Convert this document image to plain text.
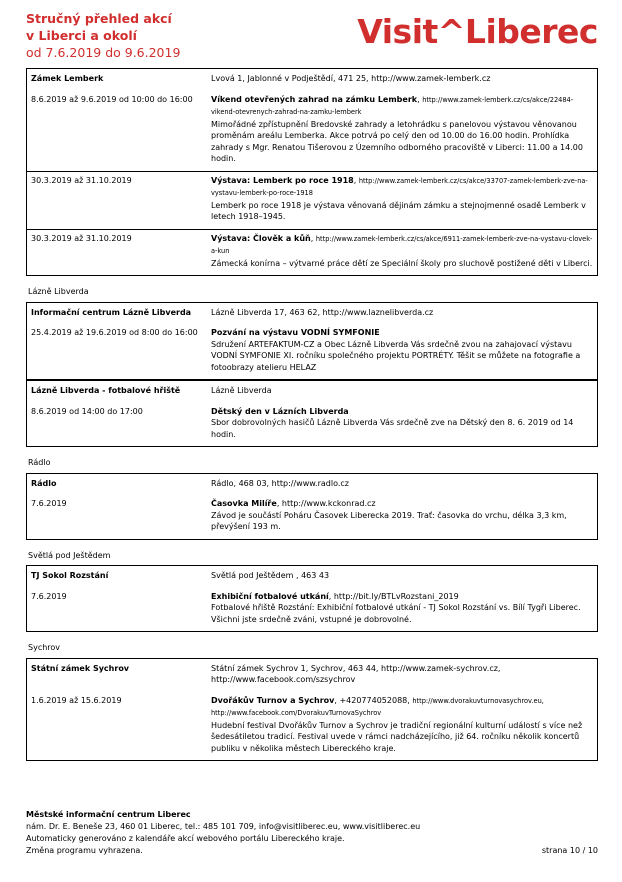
Stručný přehled akcí
v Liberci a okolí
od 7.6.2019 do 9.6.2019
Visit^Liberec
Zámek Lemberk	Lvová 1, Jablonné v Podještědí, 471 25, http://www.zamek-lemberk.cz
8.6.2019 až 9.6.2019 od 10:00 do 16:00	Víkend otevřených zahrad na zámku Lemberk, http://www.zamek-lemberk.cz/cs/akce/22484-vikend-otevrenych-zahrad-na-zamku-lemberk
Mimořádné zpřístupnění Bredovské zahrady a letohrádku s panelovou výstavou věnovanou proměnám areálu Lemberka. Akce potrvá po celý den od 10.00 do 16.00 hodin. Prohlídka zahrady s Mgr. Renatou Tišerovou z Územního odborného pracoviště v Liberci: 11.00 a 14.00 hodin.

30.3.2019 až 31.10.2019	Výstava: Lemberk po roce 1918, http://www.zamek-lemberk.cz/cs/akce/33707-zamek-lemberk-zve-na-vystavu-lemberk-po-roce-1918
Lemberk po roce 1918 je výstava věnovaná dějinám zámku a stejnojmenné osadě Lemberk v letech 1918–1945.

30.3.2019 až 31.10.2019	Výstava: Člověk a kůň, http://www.zamek-lemberk.cz/cs/akce/6911-zamek-lemberk-zve-na-vystavu-clovek-a-kun
Zámecká konírna – výtvarné práce dětí ze Speciální školy pro sluchově postižené děti v Liberci.
Lázně Libverda
Informační centrum Lázně Libverda	Lázně Libverda 17, 463 62, http://www.laznelibverda.cz
25.4.2019 až 19.6.2019 od 8:00 do 16:00	Pozvání na výstavu VODNÍ SYMFONIE
Sdružení ARTEFAKTUM-CZ a Obec Lázně Libverda Vás srdečně zvou na zahajovací výstavu VODNÍ SYMFONIE XI. ročníku společného projektu PORTRÉTY. Těšit se můžete na fotografie a fotoobrazy atelieru HELAZ
Lázně Libverda - fotbalové hřiště	Lázně Libverda
8.6.2019 od 14:00 do 17:00	Dětský den v Lázních Libverda
Sbor dobrovolných hasičů Lázně Libverda Vás srdečně zve na Dětský den 8. 6. 2019 od 14 hodin.
Rádlo
Rádlo	Rádlo, 468 03, http://www.radlo.cz
7.6.2019	Časovka Milíře, http://www.kckonrad.cz
Závod je součástí Poháru Časovek Liberecka 2019. Trať: časovka do vrchu, délka 3,3 km, převýšení 193 m.
Světlá pod Ještědem
TJ Sokol Rozstání	Světlá pod Ještědem , 463 43
7.6.2019	Exhibiční fotbalové utkání, http://bit.ly/BTLvRozstani_2019
Fotbalové hřiště Rozstání: Exhibiční fotbalové utkání - TJ Sokol Rozstání vs. Bílí Tygři Liberec. Všichni jste srdečně zváni, vstupné je dobrovolné.
Sychrov
Státní zámek Sychrov	Státní zámek Sychrov 1, Sychrov, 463 44, http://www.zamek-sychrov.cz, http://www.facebook.com/szsychrov
1.6.2019 až 15.6.2019	Dvořákův Turnov a Sychrov, +420774052088, http://www.dvorakuvturnovasychrov.eu, http://www.facebook.com/DvorakuvTurnovaSychrov
Hudební festival Dvořákův Turnov a Sychrov je tradiční regionální kulturní událostí s více než šedesátiletou tradicí. Festival uvede v rámci nadcházejícího, již 64. ročníku několik koncertů publiku v několika městech Libereckého kraje.
Městské informační centrum Liberec
nám. Dr. E. Beneše 23, 460 01 Liberec, tel.: 485 101 709, info@visitliberec.eu, www.visitliberec.eu
Automaticky generováno z kalendáře akcí webového portálu Libereckého kraje.
Změna programu vyhrazena.	strana 10 / 10
